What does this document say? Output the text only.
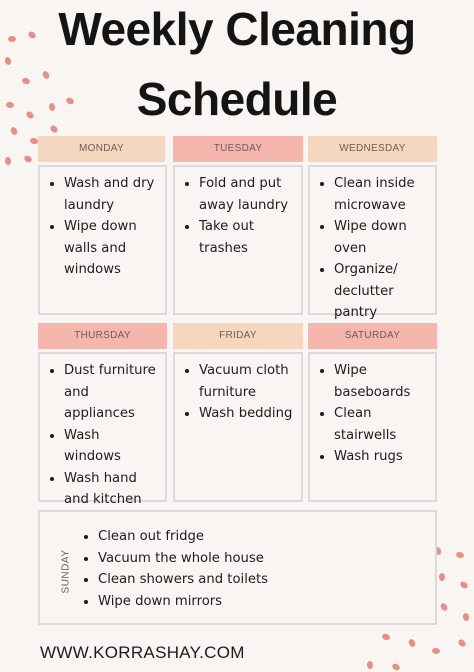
Weekly Cleaning
Schedule
MONDAY	TUESDAY	WEDNESDAY
• Wash and dry laundry
• Wipe down walls and windows
• Fold and put away laundry
• Take out trashes
• Clean inside microwave
• Wipe down oven
• Organize/ declutter pantry
THURSDAY	FRIDAY	SATURDAY
• Dust furniture and appliances
• Wash windows
• Wash hand and kitchen
• Vacuum cloth furniture
• Wash bedding
• Wipe baseboards
• Clean stairwells
• Wash rugs
SUNDAY
• Clean out fridge
• Vacuum the whole house
• Clean showers and toilets
• Wipe down mirrors
WWW.KORRASHAY.COM
